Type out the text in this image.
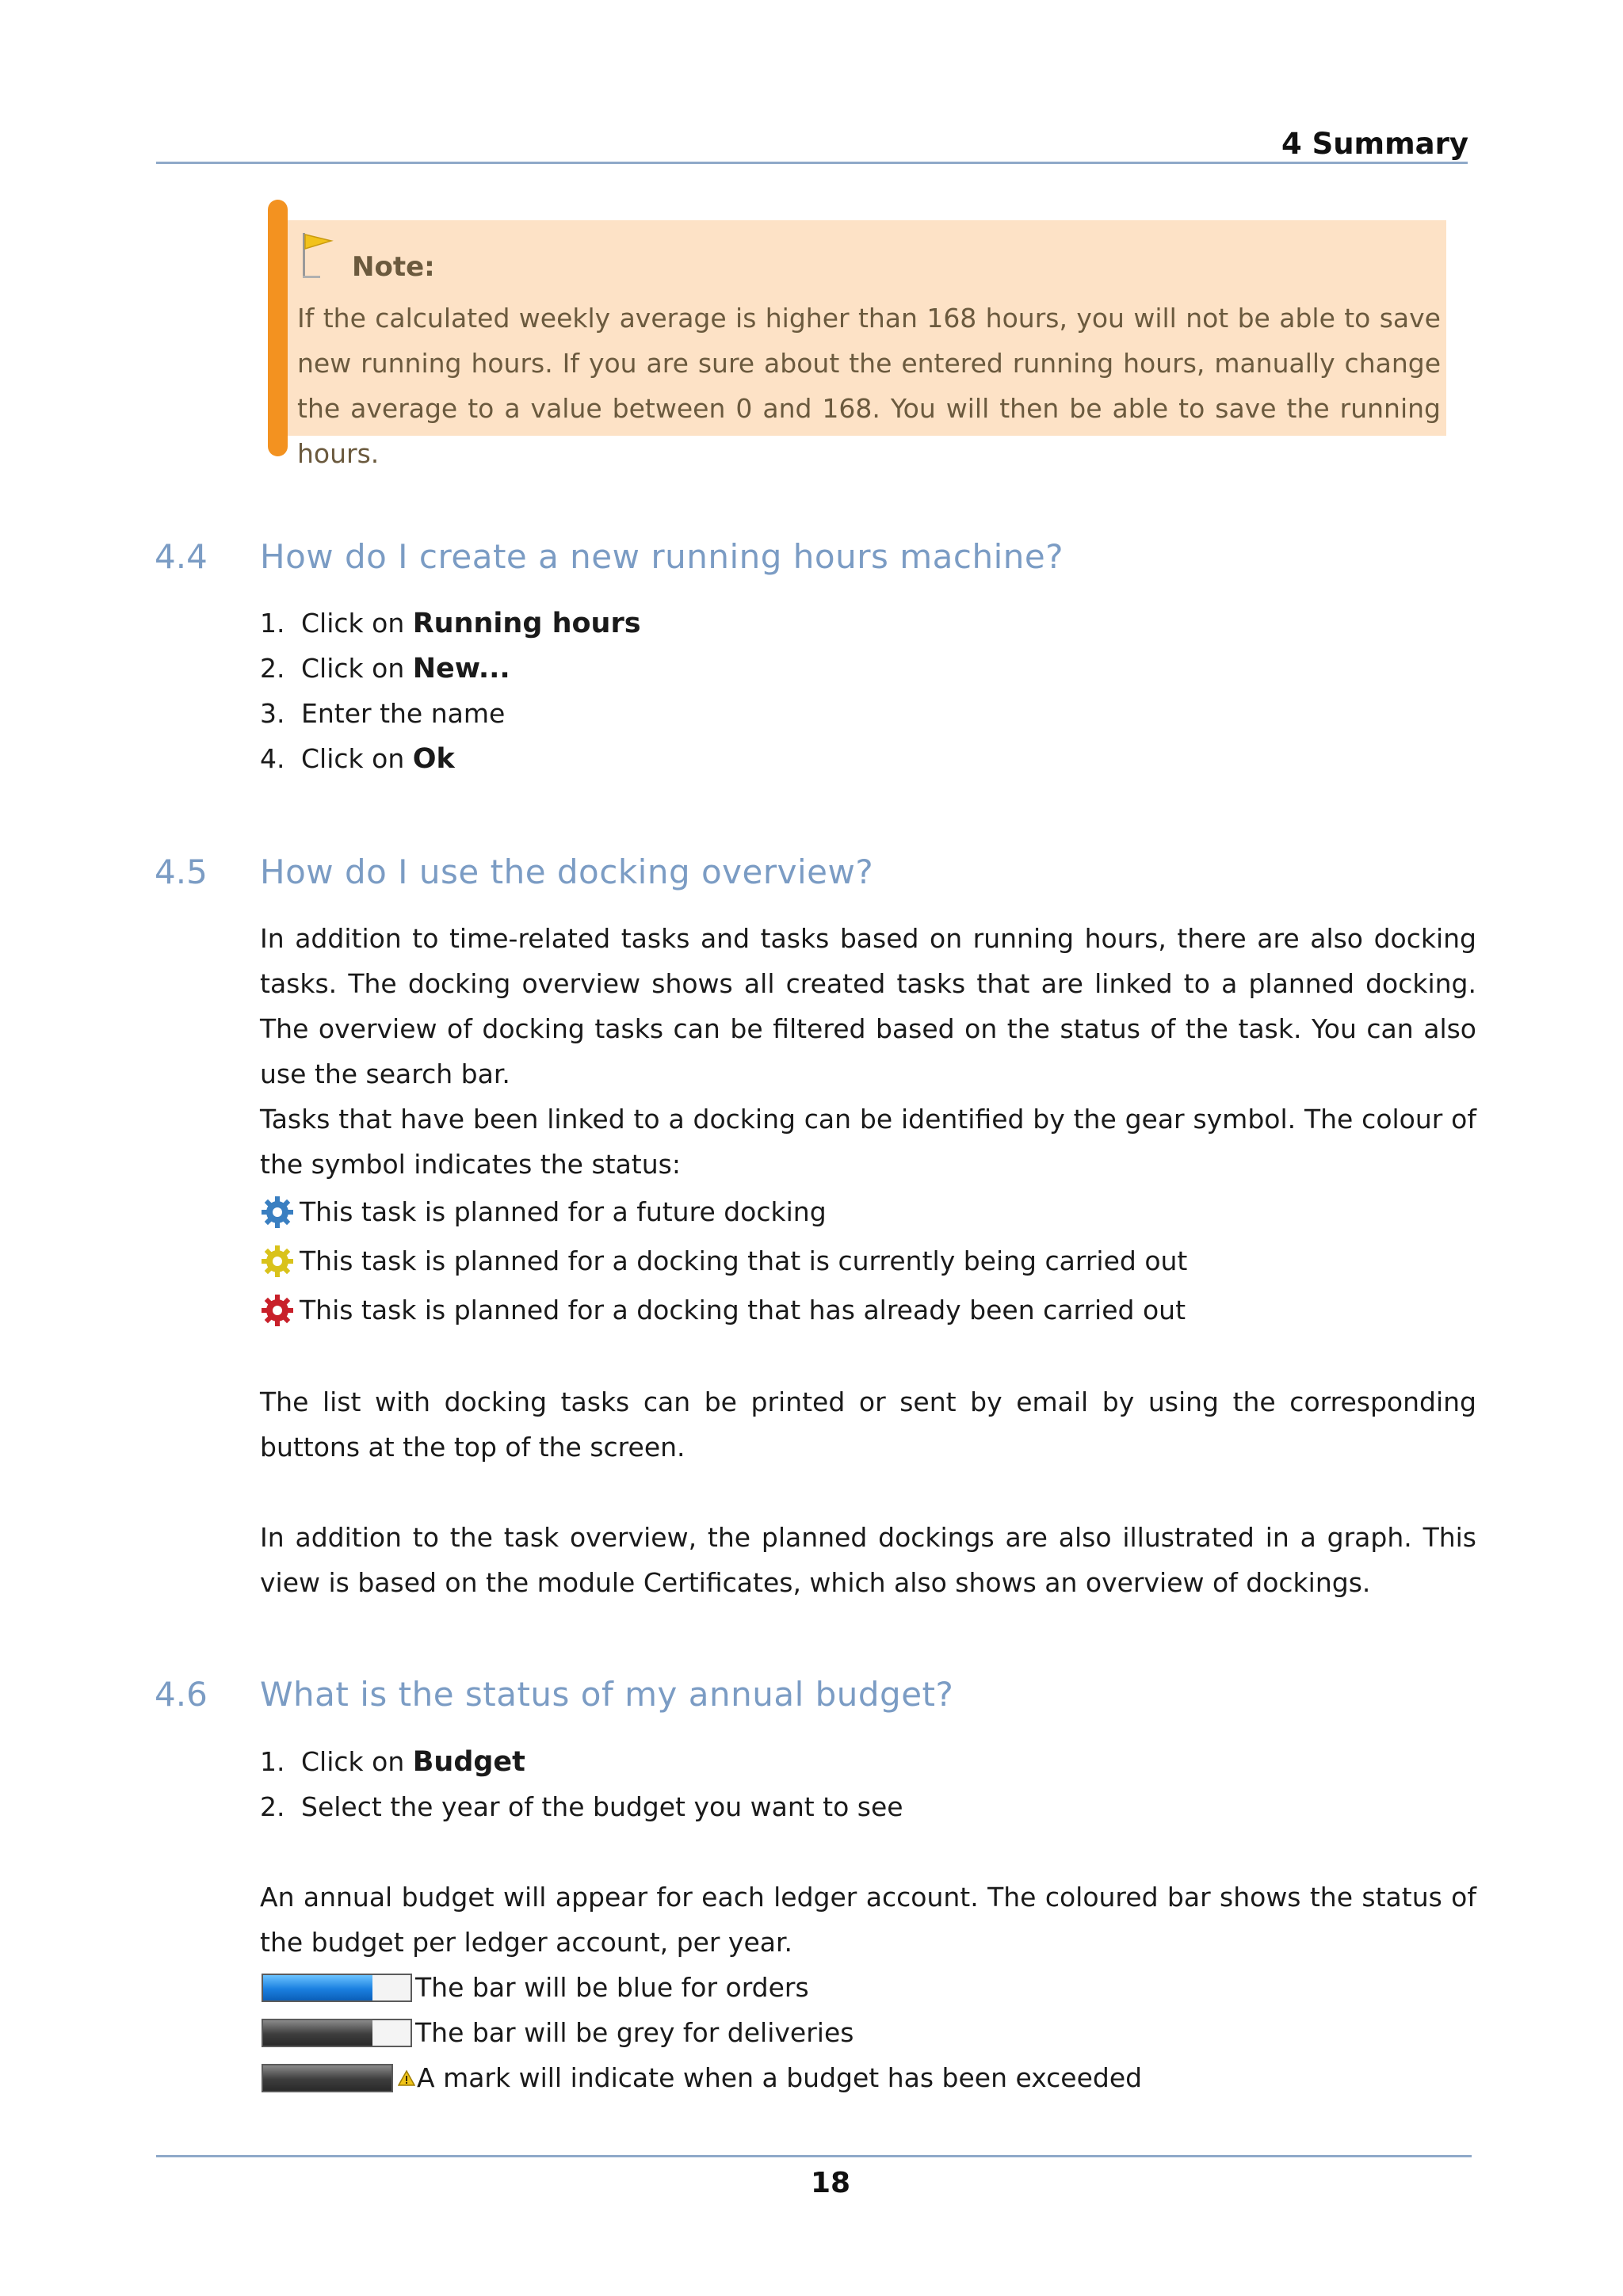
4 Summary
Note:
If the calculated weekly average is higher than 168 hours, you will not be able to save new running hours. If you are sure about the entered running hours, manually change the average to a value between 0 and 168. You will then be able to save the running hours.
4.4 How do I create a new running hours machine?
1. Click on Running hours
2. Click on New...
3. Enter the name
4. Click on Ok
4.5 How do I use the docking overview?
In addition to time-related tasks and tasks based on running hours, there are also docking tasks. The docking overview shows all created tasks that are linked to a planned docking. The overview of docking tasks can be filtered based on the status of the task. You can also use the search bar.
Tasks that have been linked to a docking can be identified by the gear symbol. The colour of the symbol indicates the status:
This task is planned for a future docking
This task is planned for a docking that is currently being carried out
This task is planned for a docking that has already been carried out
The list with docking tasks can be printed or sent by email by using the corresponding buttons at the top of the screen.
In addition to the task overview, the planned dockings are also illustrated in a graph. This view is based on the module Certificates, which also shows an overview of dockings.
4.6 What is the status of my annual budget?
1. Click on Budget
2. Select the year of the budget you want to see
An annual budget will appear for each ledger account. The coloured bar shows the status of the budget per ledger account, per year.
The bar will be blue for orders
The bar will be grey for deliveries
A mark will indicate when a budget has been exceeded
18
